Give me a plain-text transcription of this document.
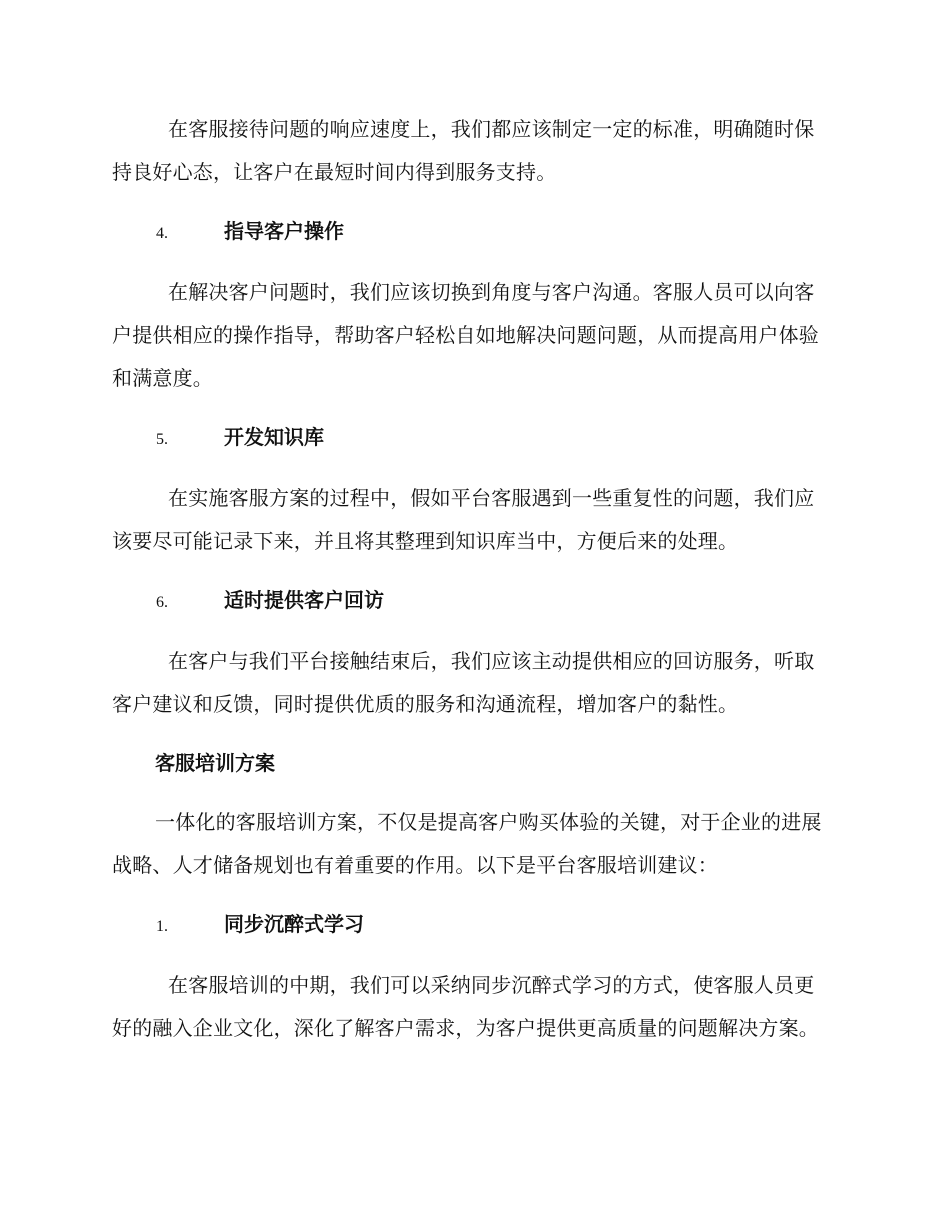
在客服接待问题的响应速度上，我们都应该制定一定的标准，明确随时保持良好心态，让客户在最短时间内得到服务支持。

4.	指导客户操作

在解决客户问题时，我们应该切换到角度与客户沟通。客服人员可以向客户提供相应的操作指导，帮助客户轻松自如地解决问题问题，从而提高用户体验和满意度。

5.	开发知识库

在实施客服方案的过程中，假如平台客服遇到一些重复性的问题，我们应该要尽可能记录下来，并且将其整理到知识库当中，方便后来的处理。

6.	适时提供客户回访

在客户与我们平台接触结束后，我们应该主动提供相应的回访服务，听取客户建议和反馈，同时提供优质的服务和沟通流程，增加客户的黏性。

客服培训方案

一体化的客服培训方案，不仅是提高客户购买体验的关键，对于企业的进展战略、人才储备规划也有着重要的作用。以下是平台客服培训建议：

1.	同步沉醉式学习

在客服培训的中期，我们可以采纳同步沉醉式学习的方式，使客服人员更好的融入企业文化，深化了解客户需求，为客户提供更高质量的问题解决方案。
